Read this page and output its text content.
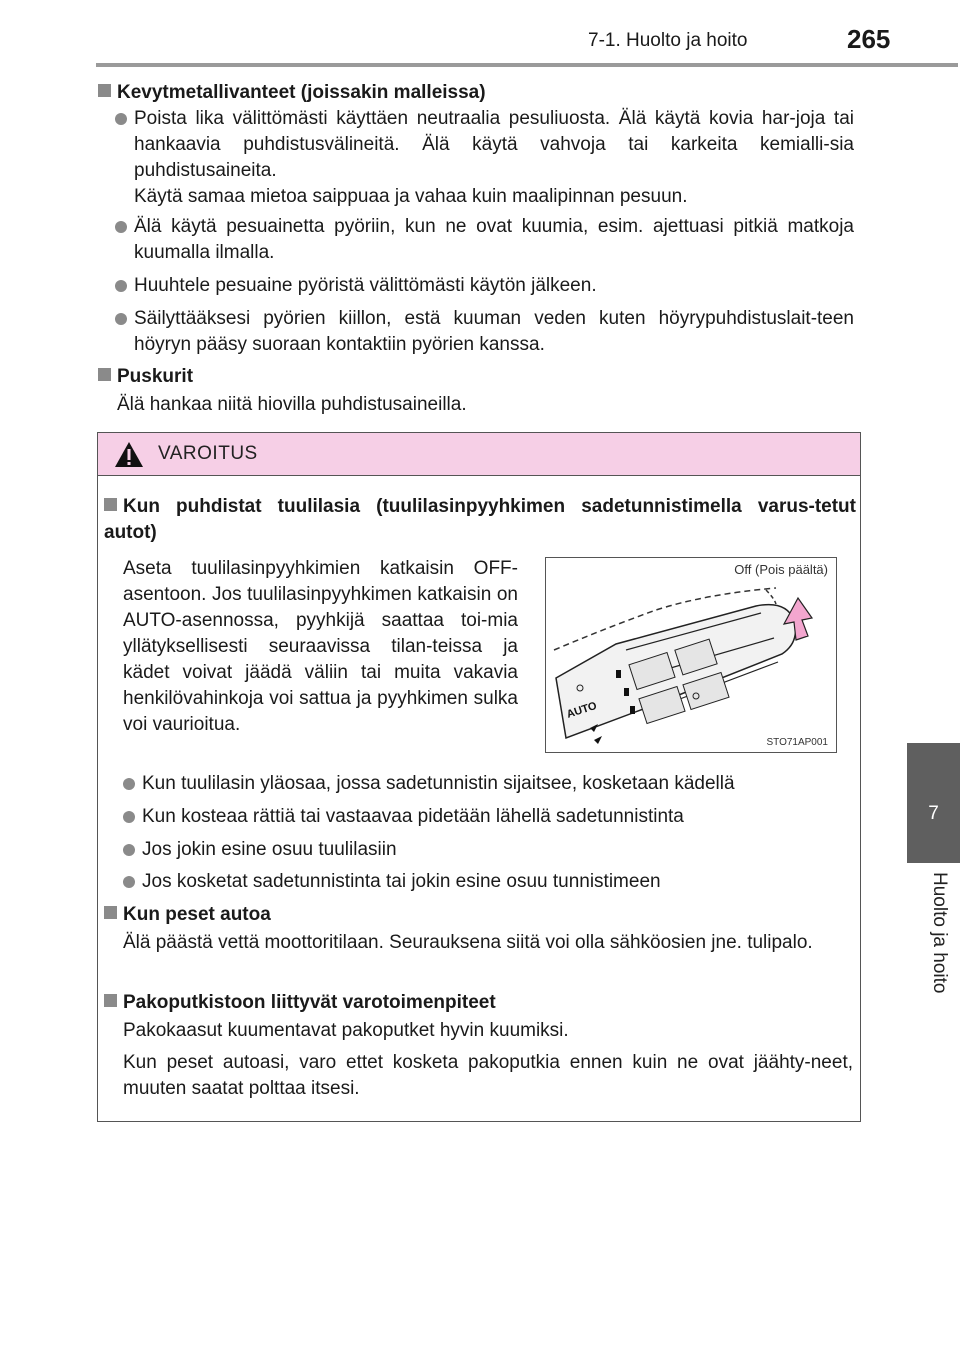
7-1. Huolto ja hoito	265
7
Huolto ja hoito
Kevytmetallivanteet (joissakin malleissa)

Poista lika välittömästi käyttäen neutraalia pesuliuosta. Älä käytä kovia har-joja tai hankaavia puhdistusvälineitä. Älä käytä vahvoja tai karkeita kemialli-sia puhdistusaineita.

Käytä samaa mietoa saippuaa ja vahaa kuin maalipinnan pesuun.

Älä käytä pesuainetta pyöriin, kun ne ovat kuumia, esim. ajettuasi pitkiä matkoja kuumalla ilmalla.

Huuhtele pesuaine pyöristä välittömästi käytön jälkeen.

Säilyttääksesi pyörien kiillon, estä kuuman veden kuten höyrypuhdistuslait-teen höyryn pääsy suoraan kontaktiin pyörien kanssa.

Puskurit

Älä hankaa niitä hiovilla puhdistusaineilla.

VAROITUS
Kun puhdistat tuulilasia (tuulilasinpyyhkimen sadetunnistimella varus-tetut autot)

Aseta tuulilasinpyyhkimien katkaisin OFF-asentoon. Jos tuulilasinpyyhkimen katkaisin on AUTO-asennossa, pyyhkijä saattaa toi-mia yllätyksellisesti seuraavissa tilan-teissa ja kädet voivat jäädä väliin tai muita vakavia henkilövahinkoja voi sattua ja pyyhkimen sulka voi vaurioitua.

AUTO
Off (Pois päältä)
STO71AP001

Kun tuulilasin yläosaa, jossa sadetunnistin sijaitsee, kosketaan kädellä

Kun kosteaa rättiä tai vastaavaa pidetään lähellä sadetunnistinta

Jos jokin esine osuu tuulilasiin

Jos kosketat sadetunnistinta tai jokin esine osuu tunnistimeen

Kun peset autoa

Älä päästä vettä moottoritilaan. Seurauksena siitä voi olla sähköosien jne. tulipalo.

Pakoputkistoon liittyvät varotoimenpiteet

Pakokaasut kuumentavat pakoputket hyvin kuumiksi.

Kun peset autoasi, varo ettet kosketa pakoputkia ennen kuin ne ovat jäähty-neet, muuten saatat polttaa itsesi.
